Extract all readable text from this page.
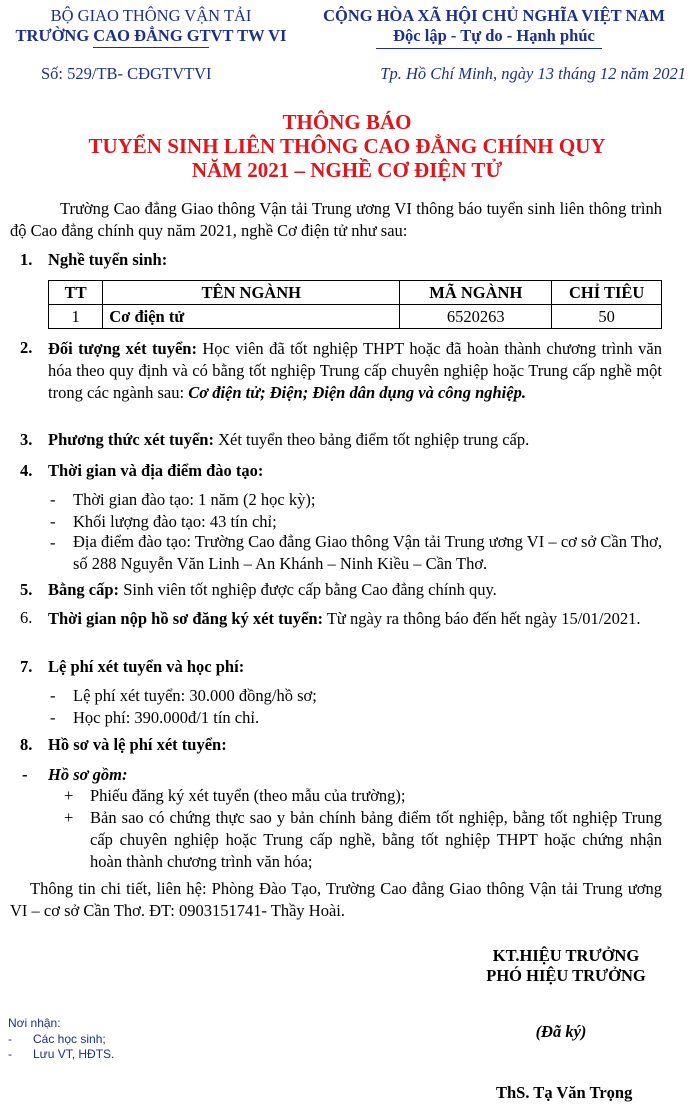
BỘ GIAO THÔNG VẬN TẢI
TRƯỜNG CAO ĐẲNG GTVT TW VI
CỘNG HÒA XÃ HỘI CHỦ NGHĨA VIỆT NAM
Độc lập - Tự do - Hạnh phúc
Số: 529/TB- CĐGTVTVI	Tp. Hồ Chí Minh, ngày 13 tháng 12 năm 2021
THÔNG BÁO
TUYỂN SINH LIÊN THÔNG CAO ĐẲNG CHÍNH QUY
NĂM 2021 – NGHỀ CƠ ĐIỆN TỬ
Trường Cao đẳng Giao thông Vận tải Trung ương VI thông báo tuyển sinh liên thông trình độ Cao đẳng chính quy năm 2021, nghề Cơ điện tử như sau:
1. Nghề tuyển sinh:
TT	TÊN NGÀNH	MÃ NGÀNH	CHỈ TIÊU
1	Cơ điện tử	6520263	50
2. Đối tượng xét tuyển: Học viên đã tốt nghiệp THPT hoặc đã hoàn thành chương trình văn hóa theo quy định và có bằng tốt nghiệp Trung cấp chuyên nghiệp hoặc Trung cấp nghề một trong các ngành sau: Cơ điện tử; Điện; Điện dân dụng và công nghiệp.
3. Phương thức xét tuyển: Xét tuyển theo bảng điểm tốt nghiệp trung cấp.
4. Thời gian và địa điểm đào tạo:
- Thời gian đào tạo: 1 năm (2 học kỳ);
- Khối lượng đào tạo: 43 tín chỉ;
- Địa điểm đào tạo: Trường Cao đẳng Giao thông Vận tải Trung ương VI – cơ sở Cần Thơ, số 288 Nguyễn Văn Linh – An Khánh – Ninh Kiều – Cần Thơ.
5. Bằng cấp: Sinh viên tốt nghiệp được cấp bằng Cao đẳng chính quy.
6. Thời gian nộp hồ sơ đăng ký xét tuyển: Từ ngày ra thông báo đến hết ngày 15/01/2021.
7. Lệ phí xét tuyển và học phí:
- Lệ phí xét tuyển: 30.000 đồng/hồ sơ;
- Học phí: 390.000đ/1 tín chỉ.
8. Hồ sơ và lệ phí xét tuyển:
- Hồ sơ gồm:
+ Phiếu đăng ký xét tuyển (theo mẫu của trường);
+ Bản sao có chứng thực sao y bản chính bảng điểm tốt nghiệp, bằng tốt nghiệp Trung cấp chuyên nghiệp hoặc Trung cấp nghề, bằng tốt nghiệp THPT hoặc chứng nhận hoàn thành chương trình văn hóa;
Thông tin chi tiết, liên hệ: Phòng Đào Tạo, Trường Cao đẳng Giao thông Vận tải Trung ương VI – cơ sở Cần Thơ. ĐT: 0903151741- Thầy Hoài.
KT.HIỆU TRƯỞNG
PHÓ HIỆU TRƯỞNG
(Đã ký)
ThS. Tạ Văn Trọng
Nơi nhận:
- Các học sinh;
- Lưu VT, HĐTS.
